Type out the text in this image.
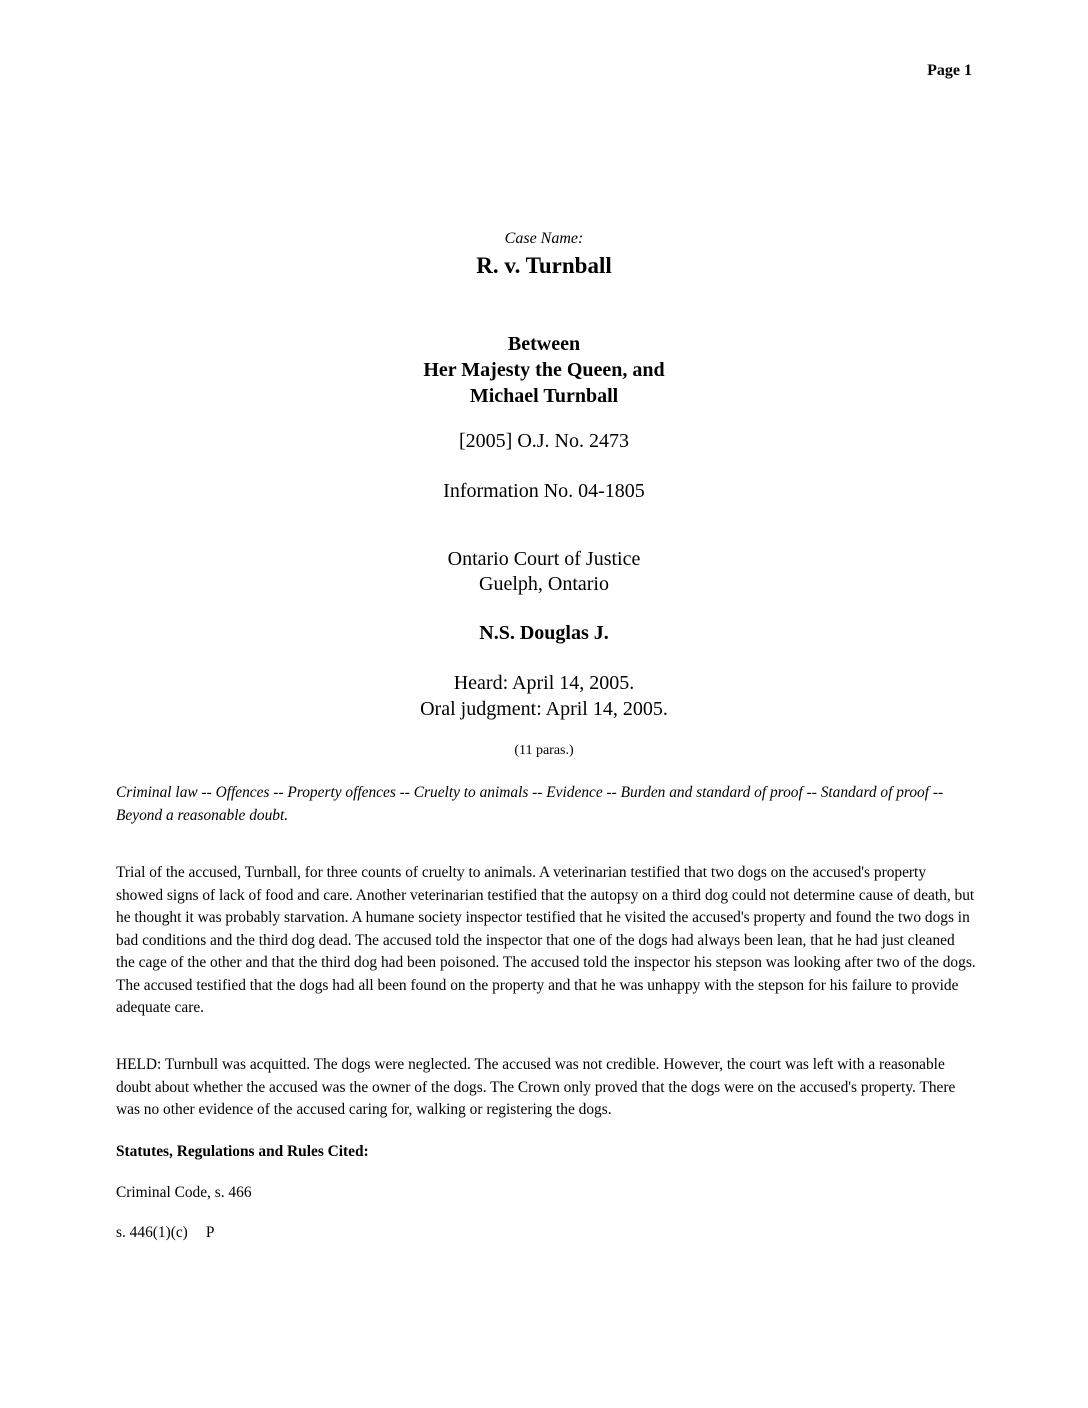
Page 1
Case Name:
R. v. Turnball
Between
Her Majesty the Queen, and
Michael Turnball
[2005] O.J. No. 2473
Information No. 04-1805
Ontario Court of Justice
Guelph, Ontario
N.S. Douglas J.
Heard: April 14, 2005.
Oral judgment: April 14, 2005.
(11 paras.)

Criminal law -- Offences -- Property offences -- Cruelty to animals -- Evidence -- Burden and standard of proof -- Standard of proof -- Beyond a reasonable doubt.

Trial of the accused, Turnball, for three counts of cruelty to animals. A veterinarian testified that two dogs on the accused's property showed signs of lack of food and care. Another veterinarian testified that the autopsy on a third dog could not determine cause of death, but he thought it was probably starvation. A humane society inspector testified that he visited the accused's property and found the two dogs in bad conditions and the third dog dead. The accused told the inspector that one of the dogs had always been lean, that he had just cleaned the cage of the other and that the third dog had been poisoned. The accused told the inspector his stepson was looking after two of the dogs. The accused testified that the dogs had all been found on the property and that he was unhappy with the stepson for his failure to provide adequate care.

HELD: Turnbull was acquitted. The dogs were neglected. The accused was not credible. However, the court was left with a reasonable doubt about whether the accused was the owner of the dogs. The Crown only proved that the dogs were on the accused's property. There was no other evidence of the accused caring for, walking or registering the dogs.

Statutes, Regulations and Rules Cited:

Criminal Code, s. 466

s. 446(1)(c) P
